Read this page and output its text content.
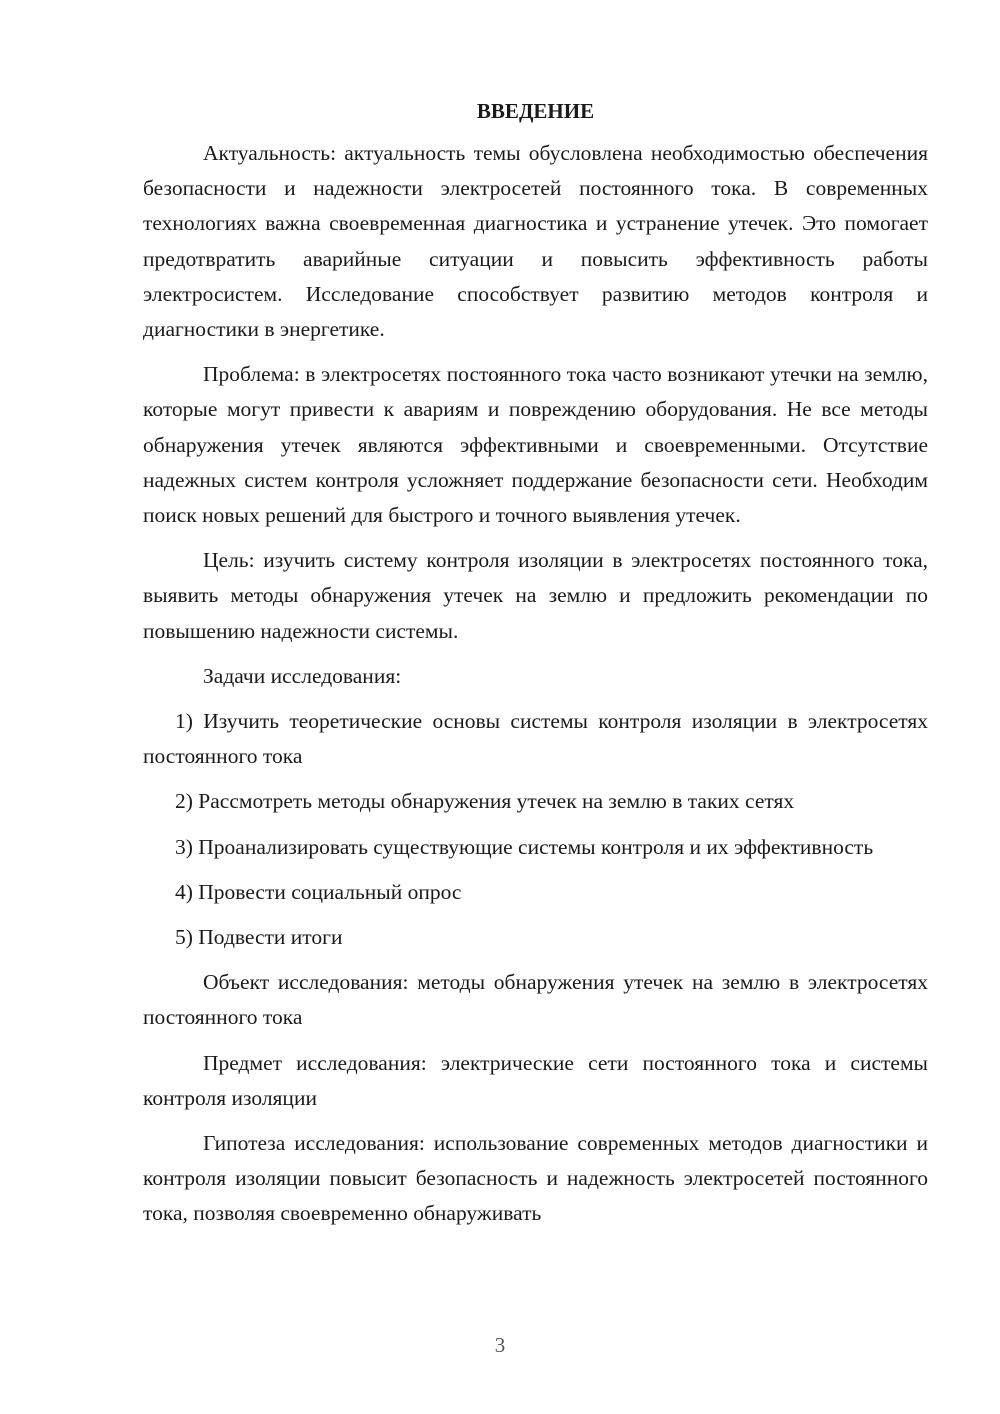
ВВЕДЕНИЕ

Актуальность: актуальность темы обусловлена необходимостью обеспечения безопасности и надежности электросетей постоянного тока. В современных технологиях важна своевременная диагностика и устранение утечек. Это помогает предотвратить аварийные ситуации и повысить эффективность работы электросистем. Исследование способствует развитию методов контроля и диагностики в энергетике.

Проблема: в электросетях постоянного тока часто возникают утечки на землю, которые могут привести к авариям и повреждению оборудования. Не все методы обнаружения утечек являются эффективными и своевременными. Отсутствие надежных систем контроля усложняет поддержание безопасности сети. Необходим поиск новых решений для быстрого и точного выявления утечек.

Цель: изучить систему контроля изоляции в электросетях постоянного тока, выявить методы обнаружения утечек на землю и предложить рекомендации по повышению надежности системы.

Задачи исследования:

1) Изучить теоретические основы системы контроля изоляции в электросетях постоянного тока

2) Рассмотреть методы обнаружения утечек на землю в таких сетях

3) Проанализировать существующие системы контроля и их эффективность

4) Провести социальный опрос

5) Подвести итоги

Объект исследования: методы обнаружения утечек на землю в электросетях постоянного тока

Предмет исследования: электрические сети постоянного тока и системы контроля изоляции

Гипотеза исследования: использование современных методов диагностики и контроля изоляции повысит безопасность и надежность электросетей постоянного тока, позволяя своевременно обнаруживать

3
